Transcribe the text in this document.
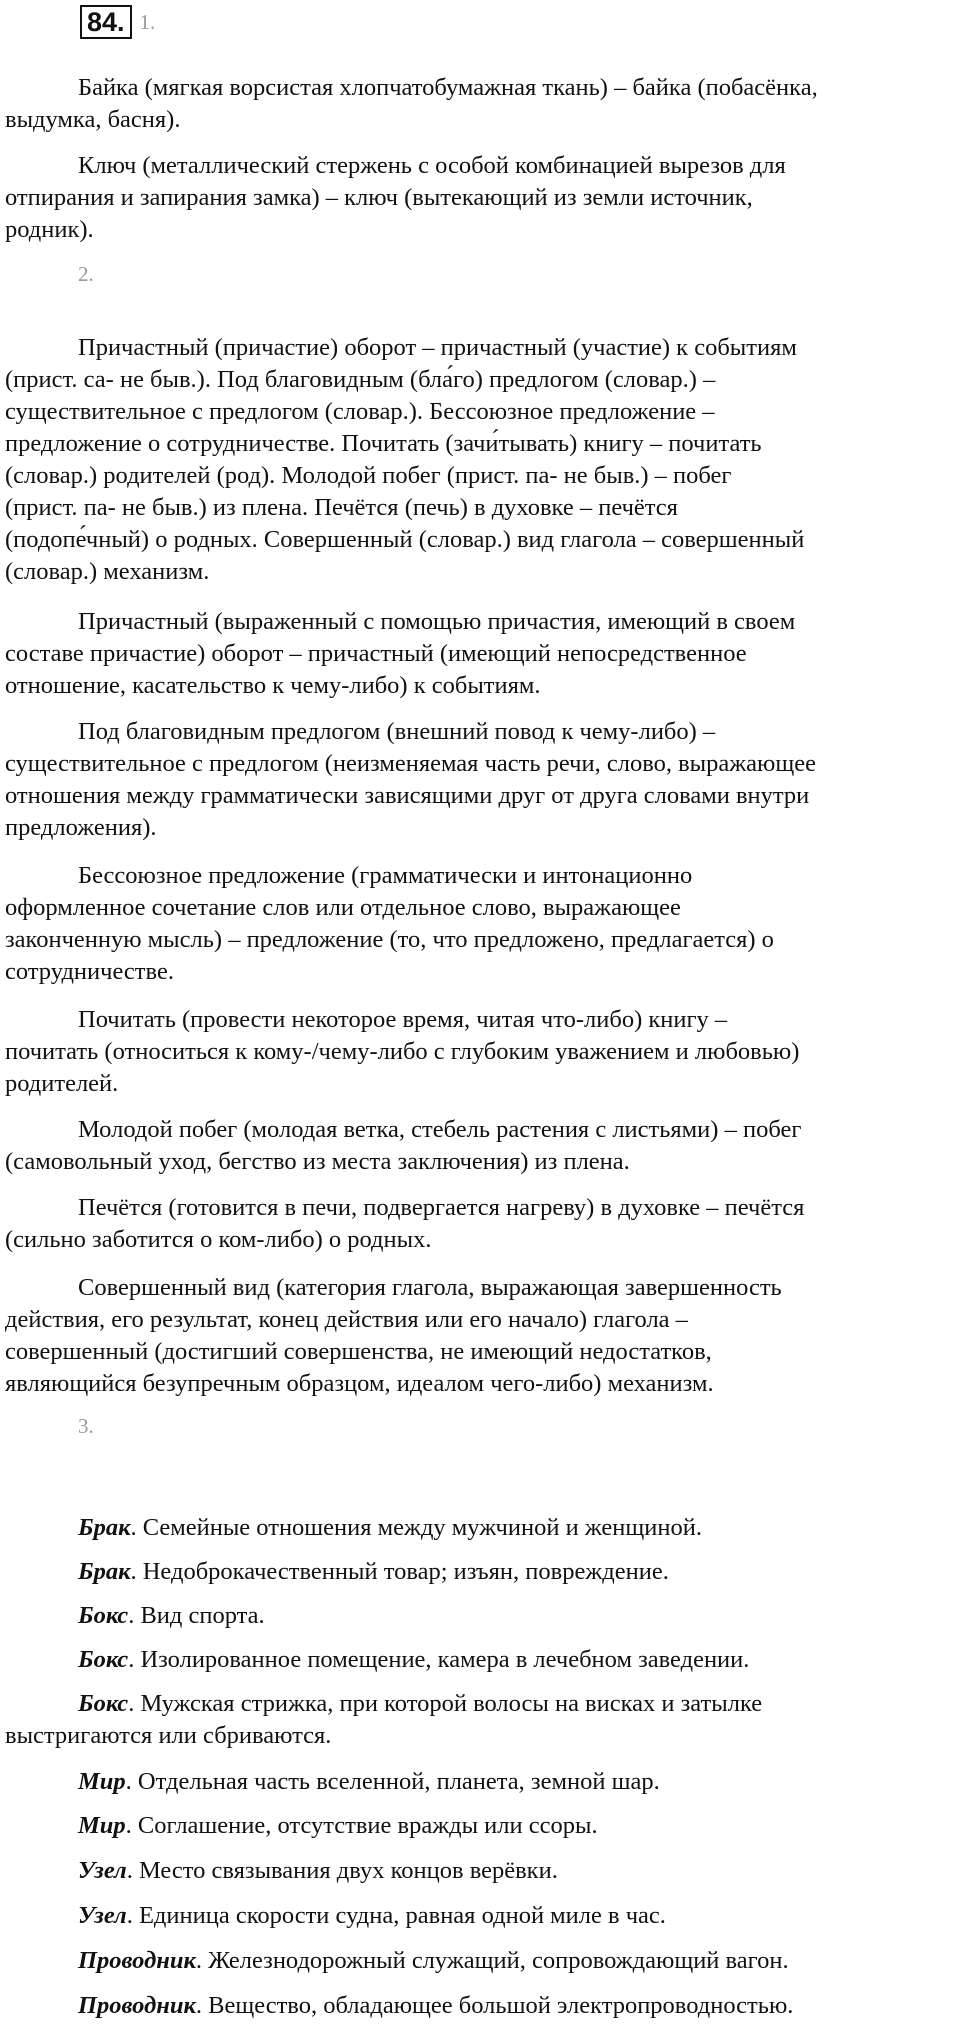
84. 1.
Байка (мягкая ворсистая хлопчатобумажная ткань) – байка (побасёнка,
выдумка, басня).
Ключ (металлический стержень с особой комбинацией вырезов для
отпирания и запирания замка) – ключ (вытекающий из земли источник,
родник).
2.
Причастный (причастие) оборот – причастный (участие) к событиям
(прист. са- не быв.). Под благовидным (бла́го) предлогом (словар.) –
существительное с предлогом (словар.). Бессоюзное предложение –
предложение о сотрудничестве. Почитать (зачи́тывать) книгу – почитать
(словар.) родителей (род). Молодой побег (прист. па- не быв.) – побег
(прист. па- не быв.) из плена. Печётся (печь) в духовке – печётся
(подопе́чный) о родных. Совершенный (словар.) вид глагола – совершенный
(словар.) механизм.
Причастный (выраженный с помощью причастия, имеющий в своем
составе причастие) оборот – причастный (имеющий непосредственное
отношение, касательство к чему-либо) к событиям.
Под благовидным предлогом (внешний повод к чему-либо) –
существительное с предлогом (неизменяемая часть речи, слово, выражающее
отношения между грамматически зависящими друг от друга словами внутри
предложения).
Бессоюзное предложение (грамматически и интонационно
оформленное сочетание слов или отдельное слово, выражающее
законченную мысль) – предложение (то, что предложено, предлагается) о
сотрудничестве.
Почитать (провести некоторое время, читая что-либо) книгу –
почитать (относиться к кому-/чему-либо с глубоким уважением и любовью)
родителей.
Молодой побег (молодая ветка, стебель растения с листьями) – побег
(самовольный уход, бегство из места заключения) из плена.
Печётся (готовится в печи, подвергается нагреву) в духовке – печётся
(сильно заботится о ком-либо) о родных.
Совершенный вид (категория глагола, выражающая завершенность
действия, его результат, конец действия или его начало) глагола –
совершенный (достигший совершенства, не имеющий недостатков,
являющийся безупречным образцом, идеалом чего-либо) механизм.
3.
Брак. Семейные отношения между мужчиной и женщиной.
Брак. Недоброкачественный товар; изъян, повреждение.
Бокс. Вид спорта.
Бокс. Изолированное помещение, камера в лечебном заведении.
Бокс. Мужская стрижка, при которой волосы на висках и затылке
выстригаются или сбриваются.
Мир. Отдельная часть вселенной, планета, земной шар.
Мир. Соглашение, отсутствие вражды или ссоры.
Узел. Место связывания двух концов верёвки.
Узел. Единица скорости судна, равная одной миле в час.
Проводник. Железнодорожный служащий, сопровождающий вагон.
Проводник. Вещество, обладающее большой электропроводностью.
